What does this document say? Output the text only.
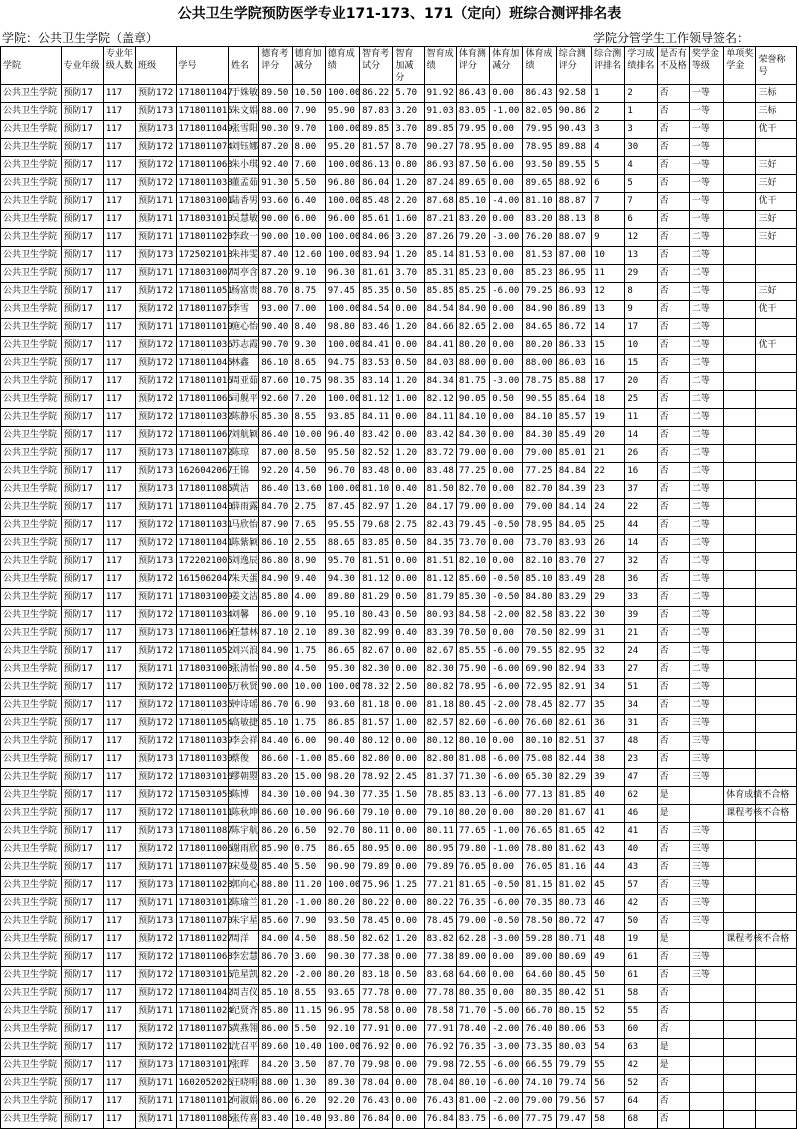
公共卫生学院预防医学专业171-173、171（定向）班综合测评排名表
学院：公共卫生学院（盖章）	学院分管学生工作领导签名：
学院	专业年级	专业年级人数	班级	学号	姓名	德育考评分	德育加减分	德育成绩	智育考试分	智育加减分	智育成绩	体育测评分	体育加减分	体育成绩	综合测评分	综合测评排名	学习成绩排名	是否有不及格	奖学金等级	单项奖学金	荣誉称号
公共卫生学院	预防17	117	预防172	1718011047	于姝敏	89.50	10.50	100.00	86.22	5.70	91.92	86.43	0.00	86.43	92.58	1	2	否	一等		三标
公共卫生学院	预防17	117	预防173	1718011015	朱文娟	88.00	7.90	95.90	87.83	3.20	91.03	83.05	-1.00	82.05	90.86	2	1	否	一等		三标
公共卫生学院	预防17	117	预防173	1718011049	张雪阳	90.30	9.70	100.00	89.85	3.70	89.85	79.95	0.00	79.95	90.43	3	3	否	一等		优干
公共卫生学院	预防17	117	预防172	1718011074	刘钰娜	87.20	8.00	95.20	81.57	8.70	90.27	78.95	0.00	78.95	89.88	4	30	否	一等		
公共卫生学院	预防17	117	预防172	1718011063	朱小琪	92.40	7.60	100.00	86.13	0.80	86.93	87.50	6.00	93.50	89.55	5	4	否	一等		三好
公共卫生学院	预防17	117	预防172	1718011038	董孟茹	91.30	5.50	96.80	86.04	1.20	87.24	89.65	0.00	89.65	88.92	6	5	否	一等		三好
公共卫生学院	预防17	117	预防171	1718031001	陆香男	93.60	6.40	100.00	85.48	2.20	87.68	85.10	-4.00	81.10	88.87	7	7	否	一等		优干
公共卫生学院	预防17	117	预防171	1718031010	吴慧敏	90.00	6.00	96.00	85.61	1.60	87.21	83.20	0.00	83.20	88.13	8	6	否	一等		三好
公共卫生学院	预防17	117	预防171	1718011020	李政一	90.00	10.00	100.00	84.06	3.20	87.26	79.20	-3.00	76.20	88.07	9	12	否	二等		三好
公共卫生学院	预防17	117	预防173	1725021018	朱祎雯	87.40	12.60	100.00	83.94	1.20	85.14	81.53	0.00	81.53	87.00	10	13	否	二等		
公共卫生学院	预防17	117	预防171	1718031007	周亭含	87.20	9.10	96.30	81.61	3.70	85.31	85.23	0.00	85.23	86.95	11	29	否	二等		
公共卫生学院	预防17	117	预防172	1718011051	杨富贵	88.70	8.75	97.45	85.35	0.50	85.85	85.25	-6.00	79.25	86.93	12	8	否	二等		三好
公共卫生学院	预防17	117	预防172	1718011076	李雪	93.00	7.00	100.00	84.54	0.00	84.54	84.90	0.00	84.90	86.89	13	9	否	二等		优干
公共卫生学院	预防17	117	预防171	1718011019	施心怡	90.40	8.40	98.80	83.46	1.20	84.66	82.65	2.00	84.65	86.72	14	17	否	二等		
公共卫生学院	预防17	117	预防172	1718011036	苏志霞	90.70	9.30	100.00	84.41	0.00	84.41	80.20	0.00	80.20	86.33	15	10	否	二等		优干
公共卫生学院	预防17	117	预防172	1718011045	林鑫	86.10	8.65	94.75	83.53	0.50	84.03	88.00	0.00	88.00	86.03	16	15	否	二等		
公共卫生学院	预防17	117	预防172	1718011016	周亚茹	87.60	10.75	98.35	83.14	1.20	84.34	81.75	-3.00	78.75	85.88	17	20	否	二等		
公共卫生学院	预防17	117	预防172	1718011066	司舰平	92.60	7.20	100.00	81.12	1.00	82.12	90.05	0.50	90.55	85.64	18	25	否	二等		
公共卫生学院	预防17	117	预防172	1718011032	陈静乐	85.30	8.55	93.85	84.11	0.00	84.11	84.10	0.00	84.10	85.57	19	11	否	二等		
公共卫生学院	预防17	117	预防172	1718011067	刘航颖	86.40	10.00	96.40	83.42	0.00	83.42	84.30	0.00	84.30	85.49	20	14	否	二等		
公共卫生学院	预防17	117	预防173	1718011072	陈琼	87.00	8.50	95.50	82.52	1.20	83.72	79.00	0.00	79.00	85.01	21	26	否	二等		
公共卫生学院	预防17	117	预防173	1626042067	王锦	92.20	4.50	96.70	83.48	0.00	83.48	77.25	0.00	77.25	84.84	22	16	否	二等		
公共卫生学院	预防17	117	预防173	1718011085	黄洁	86.40	13.60	100.00	81.10	0.40	81.50	82.70	0.00	82.70	84.39	23	37	否	二等		
公共卫生学院	预防17	117	预防171	1718011040	薛雨露	84.70	2.75	87.45	82.97	1.20	84.17	79.00	0.00	79.00	84.14	24	22	否	二等		
公共卫生学院	预防17	117	预防172	1718011031	马欣怡	87.90	7.65	95.55	79.68	2.75	82.43	79.45	-0.50	78.95	84.05	25	44	否	二等		
公共卫生学院	预防17	117	预防172	1718011041	陈紫颖	86.10	2.55	88.65	83.85	0.50	84.35	73.70	0.00	73.70	83.93	26	14	否	二等		
公共卫生学院	预防17	117	预防173	1722021005	刘逸辰	86.80	8.90	95.70	81.51	0.00	81.51	82.10	0.00	82.10	83.70	27	32	否	二等		
公共卫生学院	预防17	117	预防172	1615062047	朱天蛋	84.90	9.40	94.30	81.12	0.00	81.12	85.60	-0.50	85.10	83.49	28	36	否	二等		
公共卫生学院	预防17	117	预防171	1718031009	姜文洁	85.80	4.00	89.80	81.29	0.50	81.79	85.30	-0.50	84.80	83.29	29	33	否	二等		
公共卫生学院	预防17	117	预防172	1718011034	刘馨	86.00	9.10	95.10	80.43	0.50	80.93	84.58	-2.00	82.58	83.22	30	39	否	二等		
公共卫生学院	预防17	117	预防173	1718011069	任慧林	87.10	2.10	89.30	82.99	0.40	83.39	70.50	0.00	70.50	82.99	31	21	否	二等		
公共卫生学院	预防17	117	预防172	1718011052	刘兴浪	84.90	1.75	86.65	82.67	0.00	82.67	85.55	-6.00	79.55	82.95	32	24	否	二等		
公共卫生学院	预防17	117	预防171	1718031003	张清怡	90.80	4.50	95.30	82.30	0.00	82.30	75.90	-6.00	69.90	82.94	33	27	否	二等		
公共卫生学院	预防17	117	预防172	1718011005	万秋贤	90.00	10.00	100.00	78.32	2.50	80.82	78.95	-6.00	72.95	82.91	34	51	否	二等		
公共卫生学院	预防17	117	预防172	1718011035	钟诗瑶	86.70	6.90	93.60	81.18	0.00	81.18	80.45	-2.00	78.45	82.77	35	34	否	二等		
公共卫生学院	预防17	117	预防172	1718011054	高敏捷	85.10	1.75	86.85	81.57	1.00	82.57	82.60	-6.00	76.60	82.61	36	31	否	三等		
公共卫生学院	预防17	117	预防172	1718011039	李会祥	84.40	6.00	90.40	80.12	0.00	80.12	80.10	0.00	80.10	82.51	37	48	否	三等		
公共卫生学院	预防17	117	预防173	1718011030	蔡俊	86.60	-1.00	85.60	82.80	0.00	82.80	81.08	-6.00	75.08	82.44	38	23	否	三等		
公共卫生学院	预防17	117	预防172	1718031016	缪朝曌	83.20	15.00	98.20	78.92	2.45	81.37	71.30	-6.00	65.30	82.29	39	47	否	三等		
公共卫生学院	预防17	117	预防172	1715031053	陈博	84.30	10.00	94.30	77.35	1.50	78.85	83.13	-6.00	77.13	81.85	40	62	是		体育成绩不合格	
公共卫生学院	预防17	117	预防172	1718011011	陈秋坤	86.60	10.00	96.60	79.10	0.00	79.10	80.20	0.00	80.20	81.67	41	46	是		课程考核不合格	
公共卫生学院	预防17	117	预防173	1718011087	陈宇航	86.20	6.50	92.70	80.11	0.00	80.11	77.65	-1.00	76.65	81.65	42	41	否	三等		
公共卫生学院	预防17	117	预防172	1718011006	谢雨欣	85.90	0.75	86.65	80.95	0.00	80.95	79.80	-1.00	78.80	81.62	43	40	否	三等		
公共卫生学院	预防17	117	预防171	1718011079	宋曼曼	85.40	5.50	90.90	79.89	0.00	79.89	76.05	0.00	76.05	81.16	44	43	否	三等		
公共卫生学院	预防17	117	预防173	1718011023	郭向心	88.80	11.20	100.00	75.96	1.25	77.21	81.65	-0.50	81.15	81.02	45	57	否	三等		
公共卫生学院	预防17	117	预防171	1718031012	陈瑜兰	81.20	-1.00	80.20	80.22	0.00	80.22	76.35	-6.00	70.35	80.73	46	42	否	三等		
公共卫生学院	预防17	117	预防173	1718011070	朱宇星	85.60	7.90	93.50	78.45	0.00	78.45	79.00	-0.50	78.50	80.72	47	50	否	三等		
公共卫生学院	预防17	117	预防172	1718011027	周洋	84.00	4.50	88.50	82.62	1.20	83.82	62.28	-3.00	59.28	80.71	48	19	是		课程考核不合格	
公共卫生学院	预防17	117	预防172	1718011068	李宏慧	86.70	3.60	90.30	77.38	0.00	77.38	89.00	0.00	89.00	80.69	49	61	否	三等		
公共卫生学院	预防17	117	预防172	1718031015	范星凯	82.20	-2.00	80.20	83.18	0.50	83.68	64.60	0.00	64.60	80.45	50	61	否	三等		
公共卫生学院	预防17	117	预防172	1718011042	周吉仪	85.10	8.55	93.65	77.78	0.00	77.78	80.35	0.00	80.35	80.42	51	58	否			
公共卫生学院	预防17	117	预防171	1718011024	纪贤齐	85.80	11.15	96.95	78.58	0.00	78.58	71.70	-5.00	66.70	80.15	52	55	否			
公共卫生学院	预防17	117	预防172	1718011075	黄燕翎	86.00	5.50	92.10	77.91	0.00	77.91	78.40	-2.00	76.40	80.06	53	60	否			
公共卫生学院	预防17	117	预防172	1718011021	沈召平	89.60	10.40	100.00	76.92	0.00	76.92	76.35	-3.00	73.35	80.03	54	63	是			
公共卫生学院	预防17	117	预防173	1718031017	张晖	84.20	3.50	87.70	79.98	0.00	79.98	72.55	-6.00	66.55	79.79	55	42	是			
公共卫生学院	预防17	117	预防171	1602052026	汪晓明	88.00	1.30	89.30	78.04	0.00	78.04	80.10	-6.00	74.10	79.74	56	52	否			
公共卫生学院	预防17	117	预防171	1718011012	何淑娟	86.00	6.20	92.20	76.43	0.00	76.43	81.00	-2.00	79.00	79.56	57	64	否			
公共卫生学院	预防17	117	预防171	1718011085	张传喜	83.40	10.40	93.80	76.84	0.00	76.84	83.75	-6.00	77.75	79.47	58	68	否			
